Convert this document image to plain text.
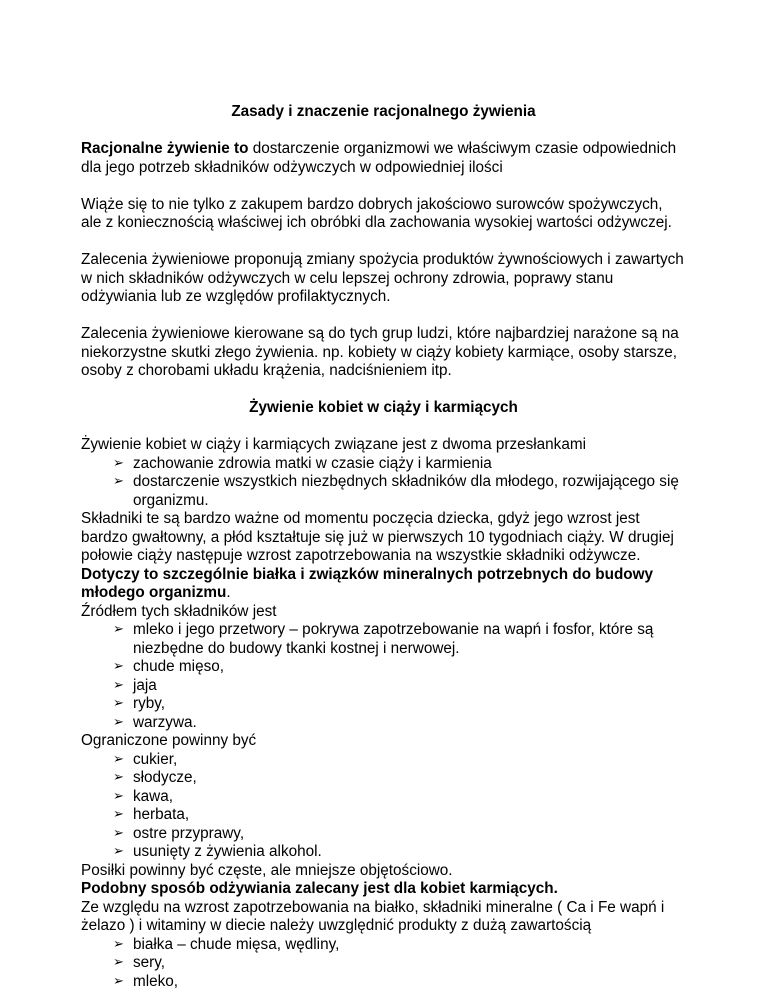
Zasady i znaczenie racjonalnego żywienia

Racjonalne żywienie to dostarczenie organizmowi we właściwym czasie odpowiednich dla jego potrzeb składników odżywczych w odpowiedniej ilości

Wiąże się to nie tylko z zakupem bardzo dobrych jakościowo surowców spożywczych, ale z koniecznością właściwej ich obróbki dla zachowania wysokiej wartości odżywczej.

Zalecenia żywieniowe proponują zmiany spożycia produktów żywnościowych i zawartych w nich składników odżywczych w celu lepszej ochrony zdrowia, poprawy stanu odżywiania lub ze względów profilaktycznych.

Zalecenia żywieniowe kierowane są do tych grup ludzi, które najbardziej narażone są na niekorzystne skutki złego żywienia. np. kobiety w ciąży kobiety karmiące, osoby starsze, osoby z chorobami układu krążenia, nadciśnieniem itp.

Żywienie kobiet w ciąży i karmiących

Żywienie kobiet w ciąży i karmiących związane jest z dwoma przesłankami

➢ zachowanie zdrowia matki w czasie ciąży i karmienia
➢ dostarczenie wszystkich niezbędnych składników dla młodego, rozwijającego się organizmu.

Składniki te są bardzo ważne od momentu poczęcia dziecka, gdyż jego wzrost jest bardzo gwałtowny, a płód kształtuje się już w pierwszych 10 tygodniach ciąży. W drugiej połowie ciąży następuje wzrost zapotrzebowania na wszystkie składniki odżywcze. Dotyczy to szczególnie białka i związków mineralnych potrzebnych do budowy młodego organizmu.

Źródłem tych składników jest

➢ mleko i jego przetwory – pokrywa zapotrzebowanie na wapń i fosfor, które są niezbędne do budowy tkanki kostnej i nerwowej.
➢ chude mięso,
➢ jaja
➢ ryby,
➢ warzywa.

Ograniczone powinny być

➢ cukier,
➢ słodycze,
➢ kawa,
➢ herbata,
➢ ostre przyprawy,
➢ usunięty z żywienia alkohol.

Posiłki powinny być częste, ale mniejsze objętościowo.

Podobny sposób odżywiania zalecany jest dla kobiet karmiących.

Ze względu na wzrost zapotrzebowania na białko, składniki mineralne ( Ca i Fe wapń i żelazo ) i witaminy w diecie należy uwzględnić produkty z dużą zawartością

➢ białka – chude mięsa, wędliny,
➢ sery,
➢ mleko,
